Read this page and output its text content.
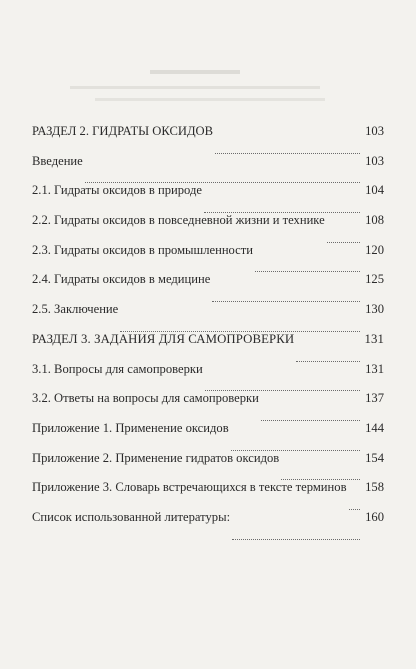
РАЗДЕЛ 2. ГИДРАТЫ ОКСИДОВ	103
Введение	103
2.1. Гидраты оксидов в природе	104
2.2. Гидраты оксидов в повседневной жизни и технике	108
2.3. Гидраты оксидов в промышленности	120
2.4. Гидраты оксидов в медицине	125
2.5. Заключение	130
РАЗДЕЛ 3. ЗАДАНИЯ ДЛЯ САМОПРОВЕРКИ	131
3.1. Вопросы для самопроверки	131
3.2. Ответы на вопросы для самопроверки	137
Приложение 1. Применение оксидов	144
Приложение 2. Применение гидратов оксидов	154
Приложение 3. Словарь встречающихся в тексте терминов 158
Список использованной литературы:	160
